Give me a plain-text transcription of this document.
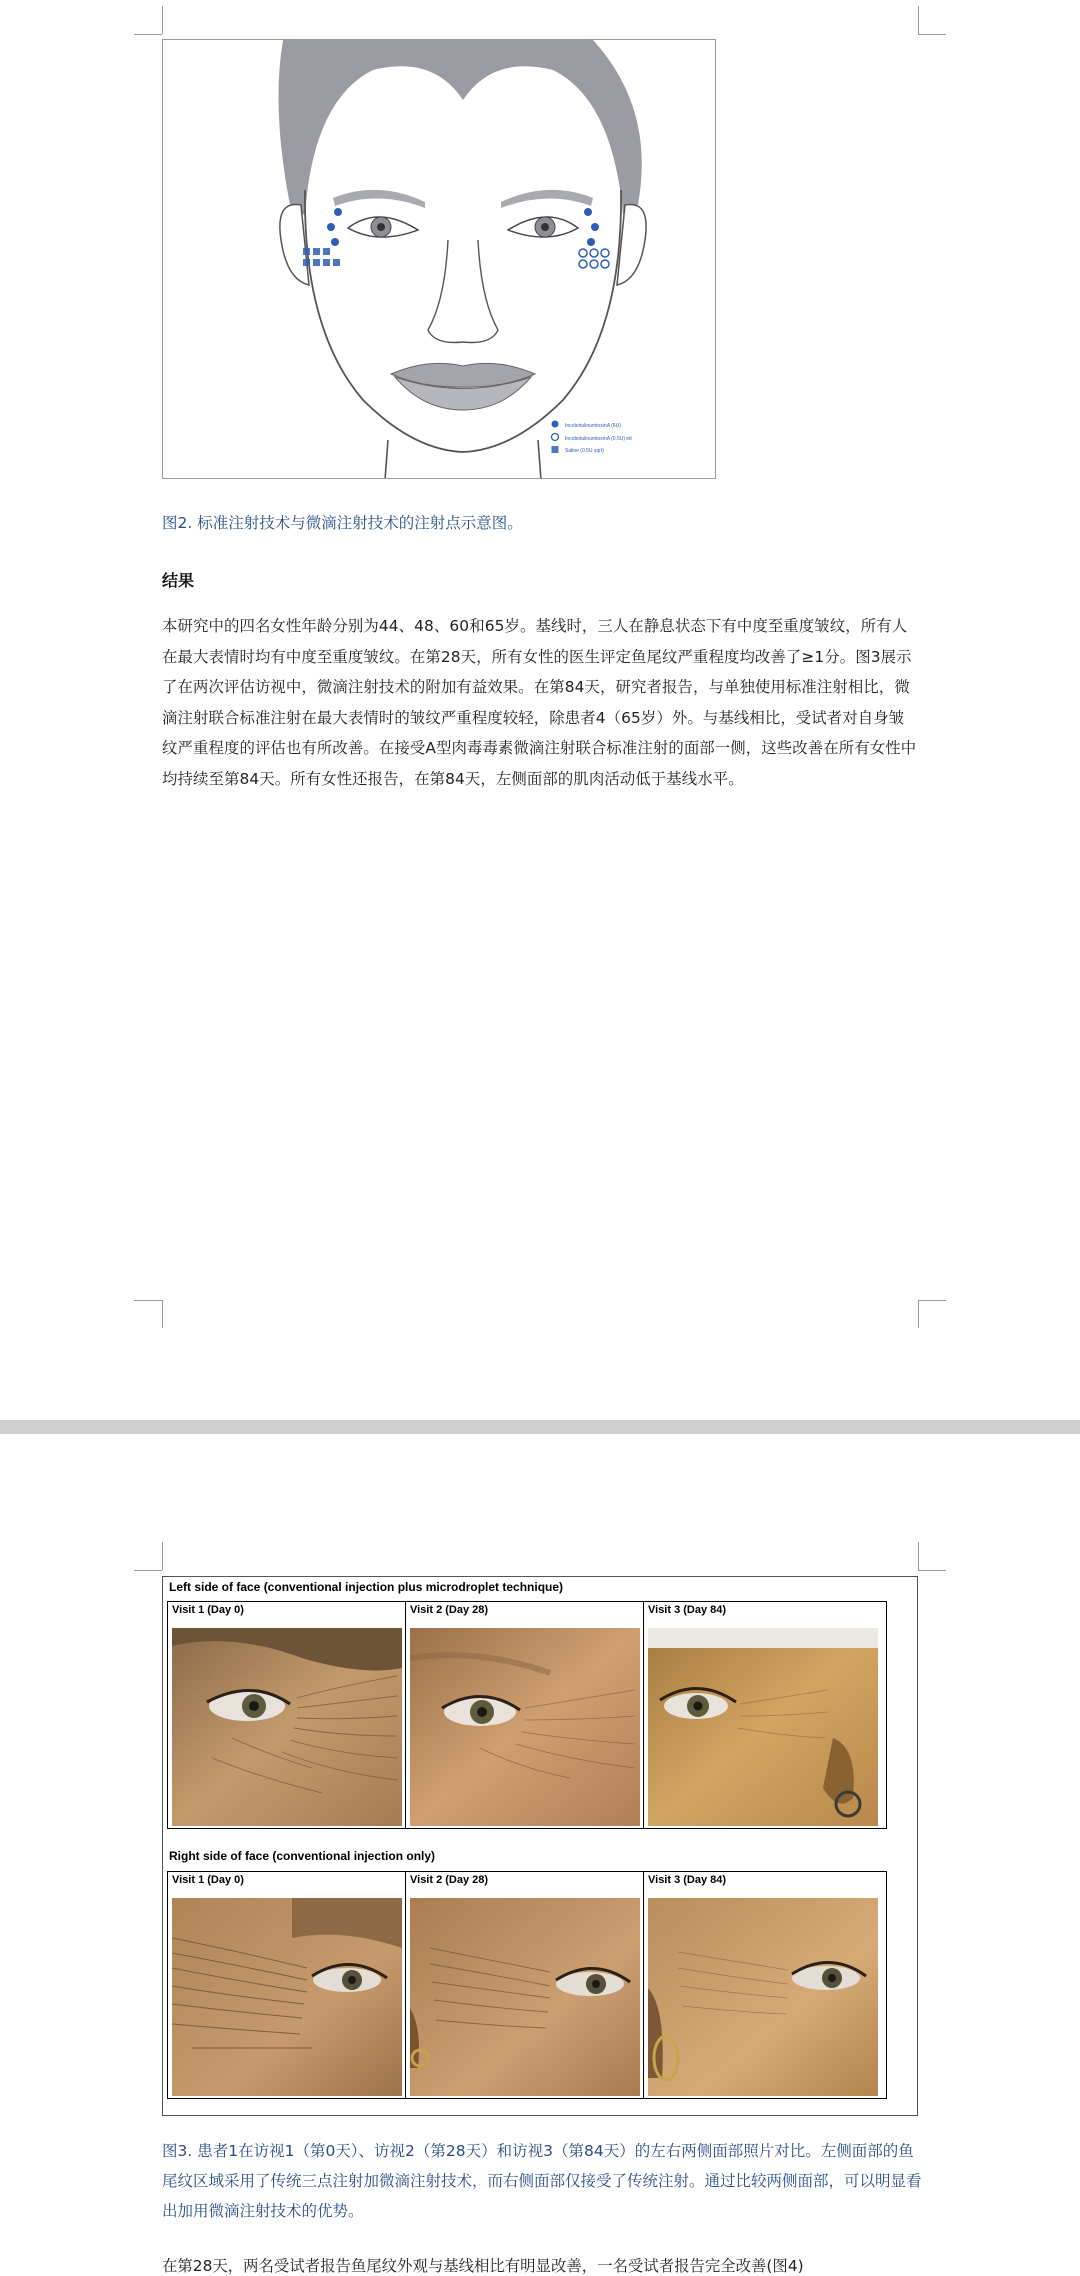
IncobotulinumtoxinA (6U)
IncobotulinumtoxinA (0.5U) int
Saline (0.5U sqrt)

图2. 标准注射技术与微滴注射技术的注射点示意图。

结果

本研究中的四名女性年龄分别为44、48、60和65岁。基线时，三人在静息状态下有中度至重度皱纹，所有人在最大表情时均有中度至重度皱纹。在第28天，所有女性的医生评定鱼尾纹严重程度均改善了≥1分。图3展示了在两次评估访视中，微滴注射技术的附加有益效果。在第84天，研究者报告，与单独使用标准注射相比，微滴注射联合标准注射在最大表情时的皱纹严重程度较轻，除患者4（65岁）外。与基线相比，受试者对自身皱纹严重程度的评估也有所改善。在接受A型肉毒毒素微滴注射联合标准注射的面部一侧，这些改善在所有女性中均持续至第84天。所有女性还报告，在第84天，左侧面部的肌肉活动低于基线水平。

Left side of face (conventional injection plus microdroplet technique)
Visit 1 (Day 0)	Visit 2 (Day 28)	Visit 3 (Day 84)
Right side of face (conventional injection only)
Visit 1 (Day 0)	Visit 2 (Day 28)	Visit 3 (Day 84)

图3. 患者1在访视1（第0天）、访视2（第28天）和访视3（第84天）的左右两侧面部照片对比。左侧面部的鱼尾纹区域采用了传统三点注射加微滴注射技术，而右侧面部仅接受了传统注射。通过比较两侧面部，可以明显看出加用微滴注射技术的优势。

在第28天，两名受试者报告鱼尾纹外观与基线相比有明显改善，一名受试者报告完全改善(图4)
